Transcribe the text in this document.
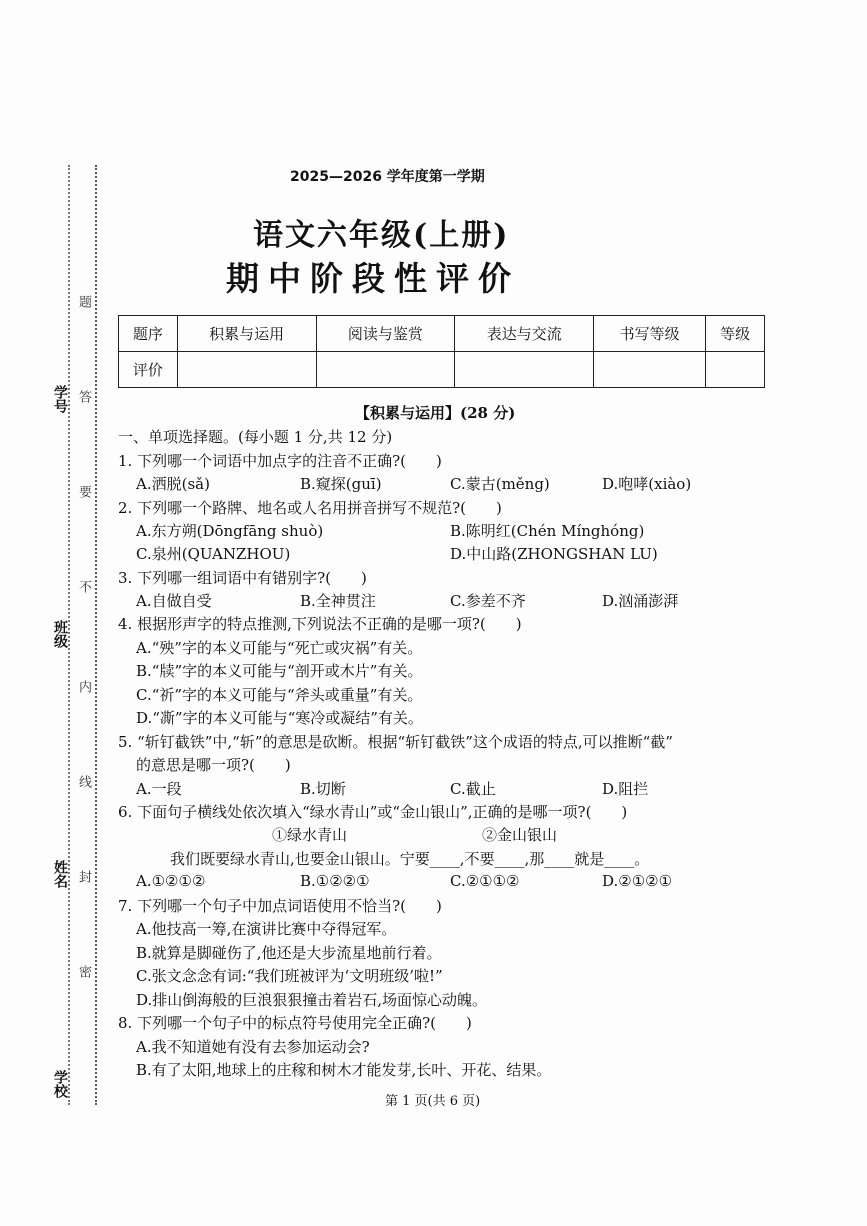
学号
班级
姓名
学校
题
答
要
不
内
线
封
密
2025—2026 学年度第一学期
语文六年级(上册)
期中阶段性评价
题序	积累与运用	阅读与鉴赏	表达与交流	书写等级	等级
评价					
【积累与运用】(28 分)
一、单项选择题。(每小题 1 分,共 12 分)
1. 下列哪一个词语中加点字的注音不正确?(　　)
A.洒脱(sǎ)	B.窥探(guī)	C.蒙古(měng)	D.咆哮(xiào)
2. 下列哪一个路牌、地名或人名用拼音拼写不规范?(　　)
A.东方朔(Dōngfāng shuò)	B.陈明红(Chén Mínghóng)
C.泉州(QUANZHOU)	D.中山路(ZHONGSHAN LU)
3. 下列哪一组词语中有错别字?(　　)
A.自做自受	B.全神贯注	C.参差不齐	D.汹涌澎湃
4. 根据形声字的特点推测,下列说法不正确的是哪一项?(　　)
A.“殃”字的本义可能与“死亡或灾祸”有关。
B.“牍”字的本义可能与“剖开或木片”有关。
C.“祈”字的本义可能与“斧头或重量”有关。
D.“凘”字的本义可能与“寒冷或凝结”有关。
5. “斩钉截铁”中,“斩”的意思是砍断。根据“斩钉截铁”这个成语的特点,可以推断“截”
的意思是哪一项?(　　)
A.一段	B.切断	C.截止	D.阻拦
6. 下面句子横线处依次填入“绿水青山”或“金山银山”,正确的是哪一项?(　　)
①绿水青山	②金山银山
我们既要绿水青山,也要金山银山。宁要____,不要____,那____就是____。
A.①②①②	B.①②②①	C.②①①②	D.②①②①
7. 下列哪一个句子中加点词语使用不恰当?(　　)
A.他技高一筹,在演讲比赛中夺得冠军。
B.就算是脚碰伤了,他还是大步流星地前行着。
C.张文念念有词:“我们班被评为‘文明班级’啦!”
D.排山倒海般的巨浪狠狠撞击着岩石,场面惊心动魄。
8. 下列哪一个句子中的标点符号使用完全正确?(　　)
A.我不知道她有没有去参加运动会?
B.有了太阳,地球上的庄稼和树木才能发芽,长叶、开花、结果。
第 1 页(共 6 页)
